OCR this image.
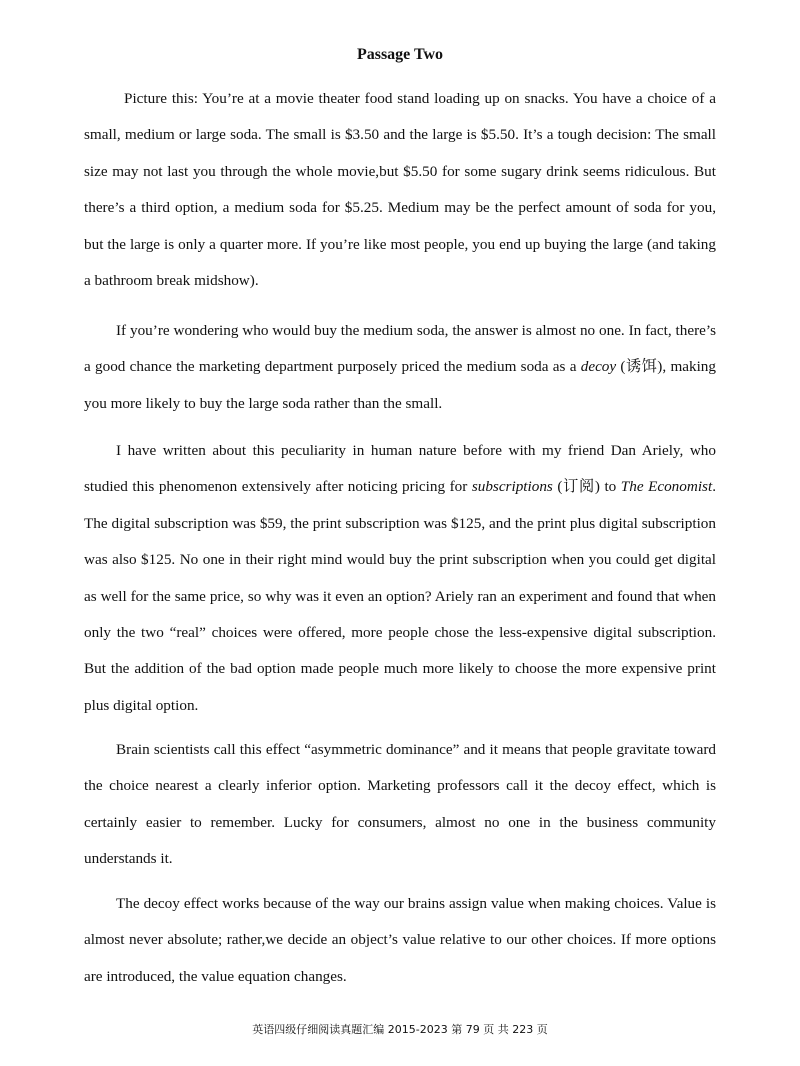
Passage Two

Picture this: You’re at a movie theater food stand loading up on snacks. You have a choice of a small, medium or large soda. The small is $3.50 and the large is $5.50. It’s a tough decision: The small size may not last you through the whole movie,but $5.50 for some sugary drink seems ridiculous. But there’s a third option, a medium soda for $5.25. Medium may be the perfect amount of soda for you, but the large is only a quarter more. If you’re like most people, you end up buying the large (and taking a bathroom break midshow).

If you’re wondering who would buy the medium soda, the answer is almost no one. In fact, there’s a good chance the marketing department purposely priced the medium soda as a decoy (诱饵), making you more likely to buy the large soda rather than the small.

I have written about this peculiarity in human nature before with my friend Dan Ariely, who studied this phenomenon extensively after noticing pricing for subscriptions (订阅) to The Economist. The digital subscription was $59, the print subscription was $125, and the print plus digital subscription was also $125. No one in their right mind would buy the print subscription when you could get digital as well for the same price, so why was it even an option? Ariely ran an experiment and found that when only the two “real” choices were offered, more people chose the less-expensive digital subscription. But the addition of the bad option made people much more likely to choose the more expensive print plus digital option.

Brain scientists call this effect “asymmetric dominance” and it means that people gravitate toward the choice nearest a clearly inferior option. Marketing professors call it the decoy effect, which is certainly easier to remember. Lucky for consumers, almost no one in the business community understands it.

The decoy effect works because of the way our brains assign value when making choices. Value is almost never absolute; rather,we decide an object’s value relative to our other choices. If more options are introduced, the value equation changes.

英语四级仔细阅读真题汇编 2015-2023 第 79 页 共 223 页
